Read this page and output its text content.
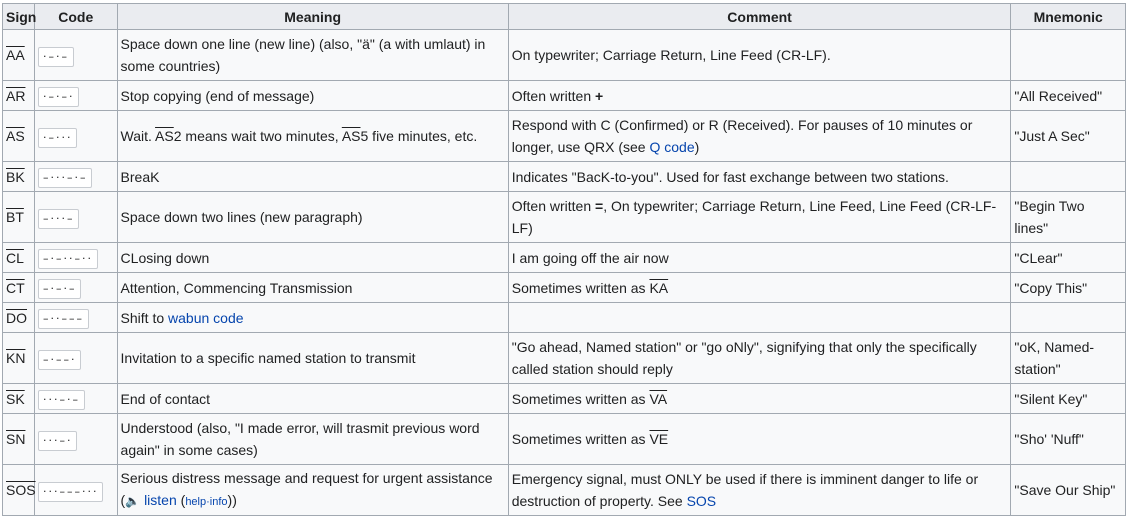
Sign	Code	Meaning	Comment	Mnemonic
$\overline{AA}$	·–·–	Space down one line (new line) (also, "ä" (a with umlaut) in some countries)	On typewriter; Carriage Return, Line Feed (CR-LF).	
$\overline{AR}$	·–·–·	Stop copying (end of message)	Often written +	"All Received"
$\overline{AS}$	·–···	Wait. $\overline{AS}2$ means wait two minutes, $\overline{AS}5$ five minutes, etc.	Respond with C (Confirmed) or R (Received). For pauses of 10 minutes or longer, use QRX (see Q code)	"Just A Sec"
$\overline{BK}$	–···–·–	BreaK	Indicates "BacK-to-you". Used for fast exchange between two stations.	
$\overline{BT}$	–···–	Space down two lines (new paragraph)	Often written =, On typewriter; Carriage Return, Line Feed, Line Feed (CR-LF-LF)	"Begin Two lines"
$\overline{CL}$	–·–··–··	CLosing down	I am going off the air now	"CLear"
$\overline{CT}$	–·–·–	Attention, Commencing Transmission	Sometimes written as $\overline{KA}$	"Copy This"
$\overline{DO}$	–··–––	Shift to wabun code		
$\overline{KN}$	–·––·	Invitation to a specific named station to transmit	"Go ahead, Named station" or "go oNly", signifying that only the specifically called station should reply	"oK, Named-station"
$\overline{SK}$	···–·–	End of contact	Sometimes written as $\overline{VA}$	"Silent Key"
$\overline{SN}$	···–·	Understood (also, "I made error, will trasmit previous word again" in some cases)	Sometimes written as $\overline{VE}$	"Sho' 'Nuff"
$\overline{SOS}$	···–––···	Serious distress message and request for urgent assistance (🔈 listen (help·info))	Emergency signal, must ONLY be used if there is imminent danger to life or destruction of property. See SOS	"Save Our Ship"
